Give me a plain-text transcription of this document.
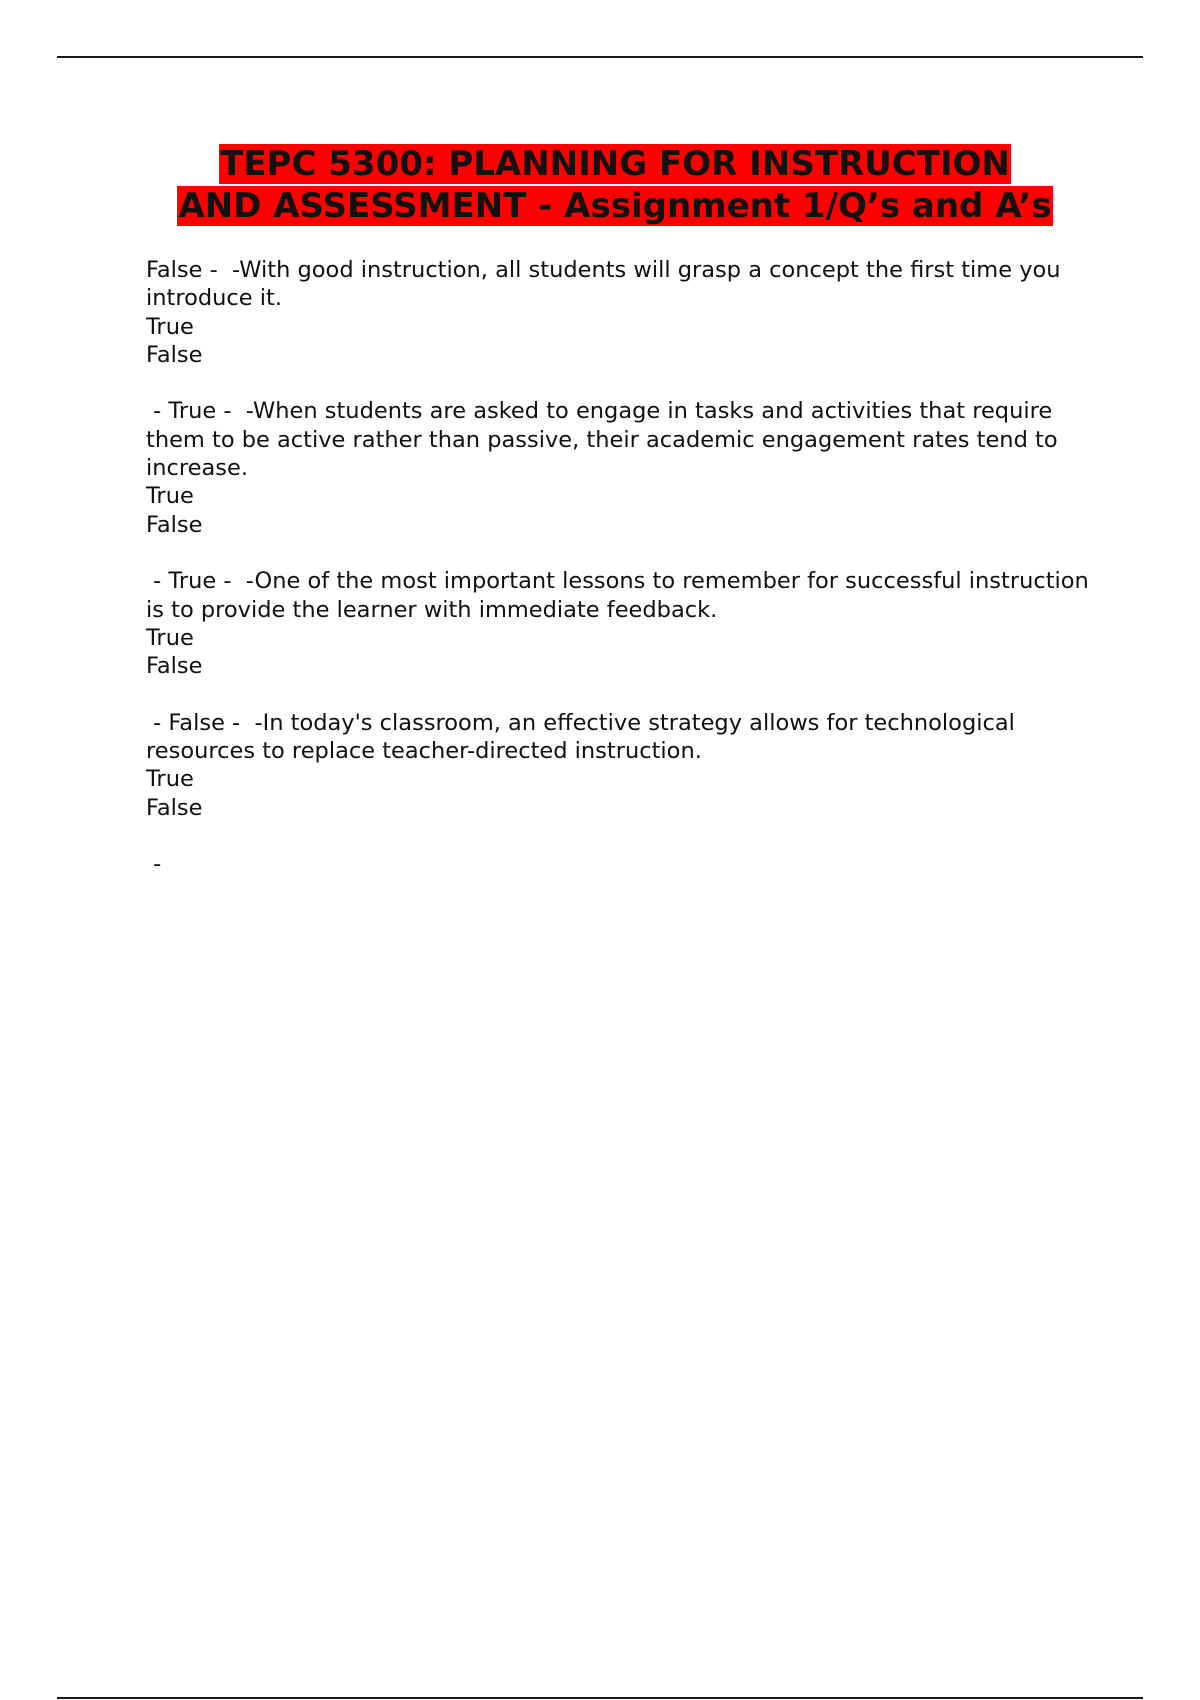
TEPC 5300: PLANNING FOR INSTRUCTION
AND ASSESSMENT - Assignment 1/Q’s and A’s

False -  -With good instruction, all students will grasp a concept the first time you introduce it.

True

False

- True -  -When students are asked to engage in tasks and activities that require them to be active rather than passive, their academic engagement rates tend to increase.

True

False

- True -  -One of the most important lessons to remember for successful instruction is to provide the learner with immediate feedback.

True

False

- False -  -In today's classroom, an effective strategy allows for technological resources to replace teacher-directed instruction.

True

False

-
